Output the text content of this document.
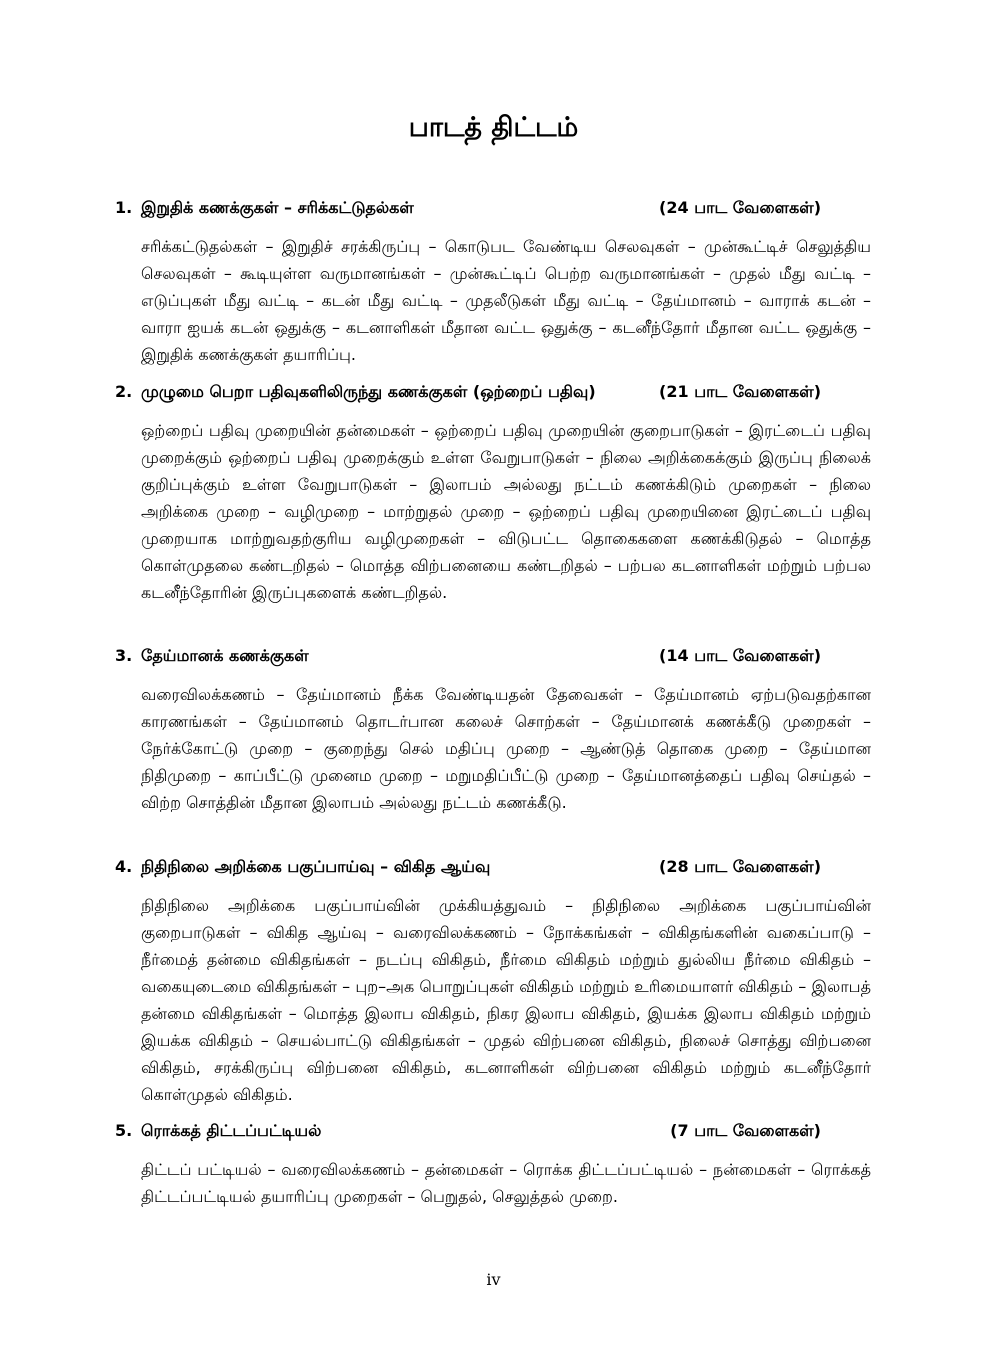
பாடத் திட்டம்
1. இறுதிக் கணக்குகள் – சரிக்கட்டுதல்கள்	(24 பாட வேளைகள்)
சரிக்கட்டுதல்கள் – இறுதிச் சரக்கிருப்பு – கொடுபட வேண்டிய செலவுகள் – முன்கூட்டிச் செலுத்திய செலவுகள் – கூடியுள்ள வருமானங்கள் – முன்கூட்டிப் பெற்ற வருமானங்கள் – முதல் மீது வட்டி – எடுப்புகள் மீது வட்டி – கடன் மீது வட்டி – முதலீடுகள் மீது வட்டி – தேய்மானம் – வாராக் கடன் – வாரா ஐயக் கடன் ஒதுக்கு – கடனாளிகள் மீதான வட்ட ஒதுக்கு – கடனீந்தோர் மீதான வட்ட ஒதுக்கு – இறுதிக் கணக்குகள் தயாரிப்பு.
2. முழுமை பெறா பதிவுகளிலிருந்து கணக்குகள் (ஒற்றைப் பதிவு)	(21 பாட வேளைகள்)
ஒற்றைப் பதிவு முறையின் தன்மைகள் – ஒற்றைப் பதிவு முறையின் குறைபாடுகள் – இரட்டைப் பதிவு முறைக்கும் ஒற்றைப் பதிவு முறைக்கும் உள்ள வேறுபாடுகள் – நிலை அறிக்கைக்கும் இருப்பு நிலைக் குறிப்புக்கும் உள்ள வேறுபாடுகள் – இலாபம் அல்லது நட்டம் கணக்கிடும் முறைகள் – நிலை அறிக்கை முறை – வழிமுறை – மாற்றுதல் முறை – ஒற்றைப் பதிவு முறையினை இரட்டைப் பதிவு முறையாக மாற்றுவதற்குரிய வழிமுறைகள் – விடுபட்ட தொகைகளை கணக்கிடுதல் – மொத்த கொள்முதலை கண்டறிதல் – மொத்த விற்பனையை கண்டறிதல் – பற்பல கடனாளிகள் மற்றும் பற்பல கடனீந்தோரின் இருப்புகளைக் கண்டறிதல்.
3. தேய்மானக் கணக்குகள்	(14 பாட வேளைகள்)
வரைவிலக்கணம் – தேய்மானம் நீக்க வேண்டியதன் தேவைகள் – தேய்மானம் ஏற்படுவதற்கான காரணங்கள் – தேய்மானம் தொடர்பான கலைச் சொற்கள் – தேய்மானக் கணக்கீடு முறைகள் – நேர்க்கோட்டு முறை – குறைந்து செல் மதிப்பு முறை – ஆண்டுத் தொகை முறை – தேய்மான நிதிமுறை – காப்பீட்டு முனைம முறை – மறுமதிப்பீட்டு முறை – தேய்மானத்தைப் பதிவு செய்தல் – விற்ற சொத்தின் மீதான இலாபம் அல்லது நட்டம் கணக்கீடு.
4. நிதிநிலை அறிக்கை பகுப்பாய்வு – விகித ஆய்வு	(28 பாட வேளைகள்)
நிதிநிலை அறிக்கை பகுப்பாய்வின் முக்கியத்துவம் – நிதிநிலை அறிக்கை பகுப்பாய்வின் குறைபாடுகள் – விகித ஆய்வு – வரைவிலக்கணம் – நோக்கங்கள் – விகிதங்களின் வகைப்பாடு – நீர்மைத் தன்மை விகிதங்கள் – நடப்பு விகிதம், நீர்மை விகிதம் மற்றும் துல்லிய நீர்மை விகிதம் – வகையுடைமை விகிதங்கள் – புற–அக பொறுப்புகள் விகிதம் மற்றும் உரிமையாளர் விகிதம் – இலாபத் தன்மை விகிதங்கள் – மொத்த இலாப விகிதம், நிகர இலாப விகிதம், இயக்க இலாப விகிதம் மற்றும் இயக்க விகிதம் – செயல்பாட்டு விகிதங்கள் – முதல் விற்பனை விகிதம், நிலைச் சொத்து விற்பனை விகிதம், சரக்கிருப்பு விற்பனை விகிதம், கடனாளிகள் விற்பனை விகிதம் மற்றும் கடனீந்தோர் கொள்முதல் விகிதம்.
5. ரொக்கத் திட்டப்பட்டியல்	(7 பாட வேளைகள்)
திட்டப் பட்டியல் – வரைவிலக்கணம் – தன்மைகள் – ரொக்க திட்டப்பட்டியல் – நன்மைகள் – ரொக்கத் திட்டப்பட்டியல் தயாரிப்பு முறைகள் – பெறுதல், செலுத்தல் முறை.
iv
